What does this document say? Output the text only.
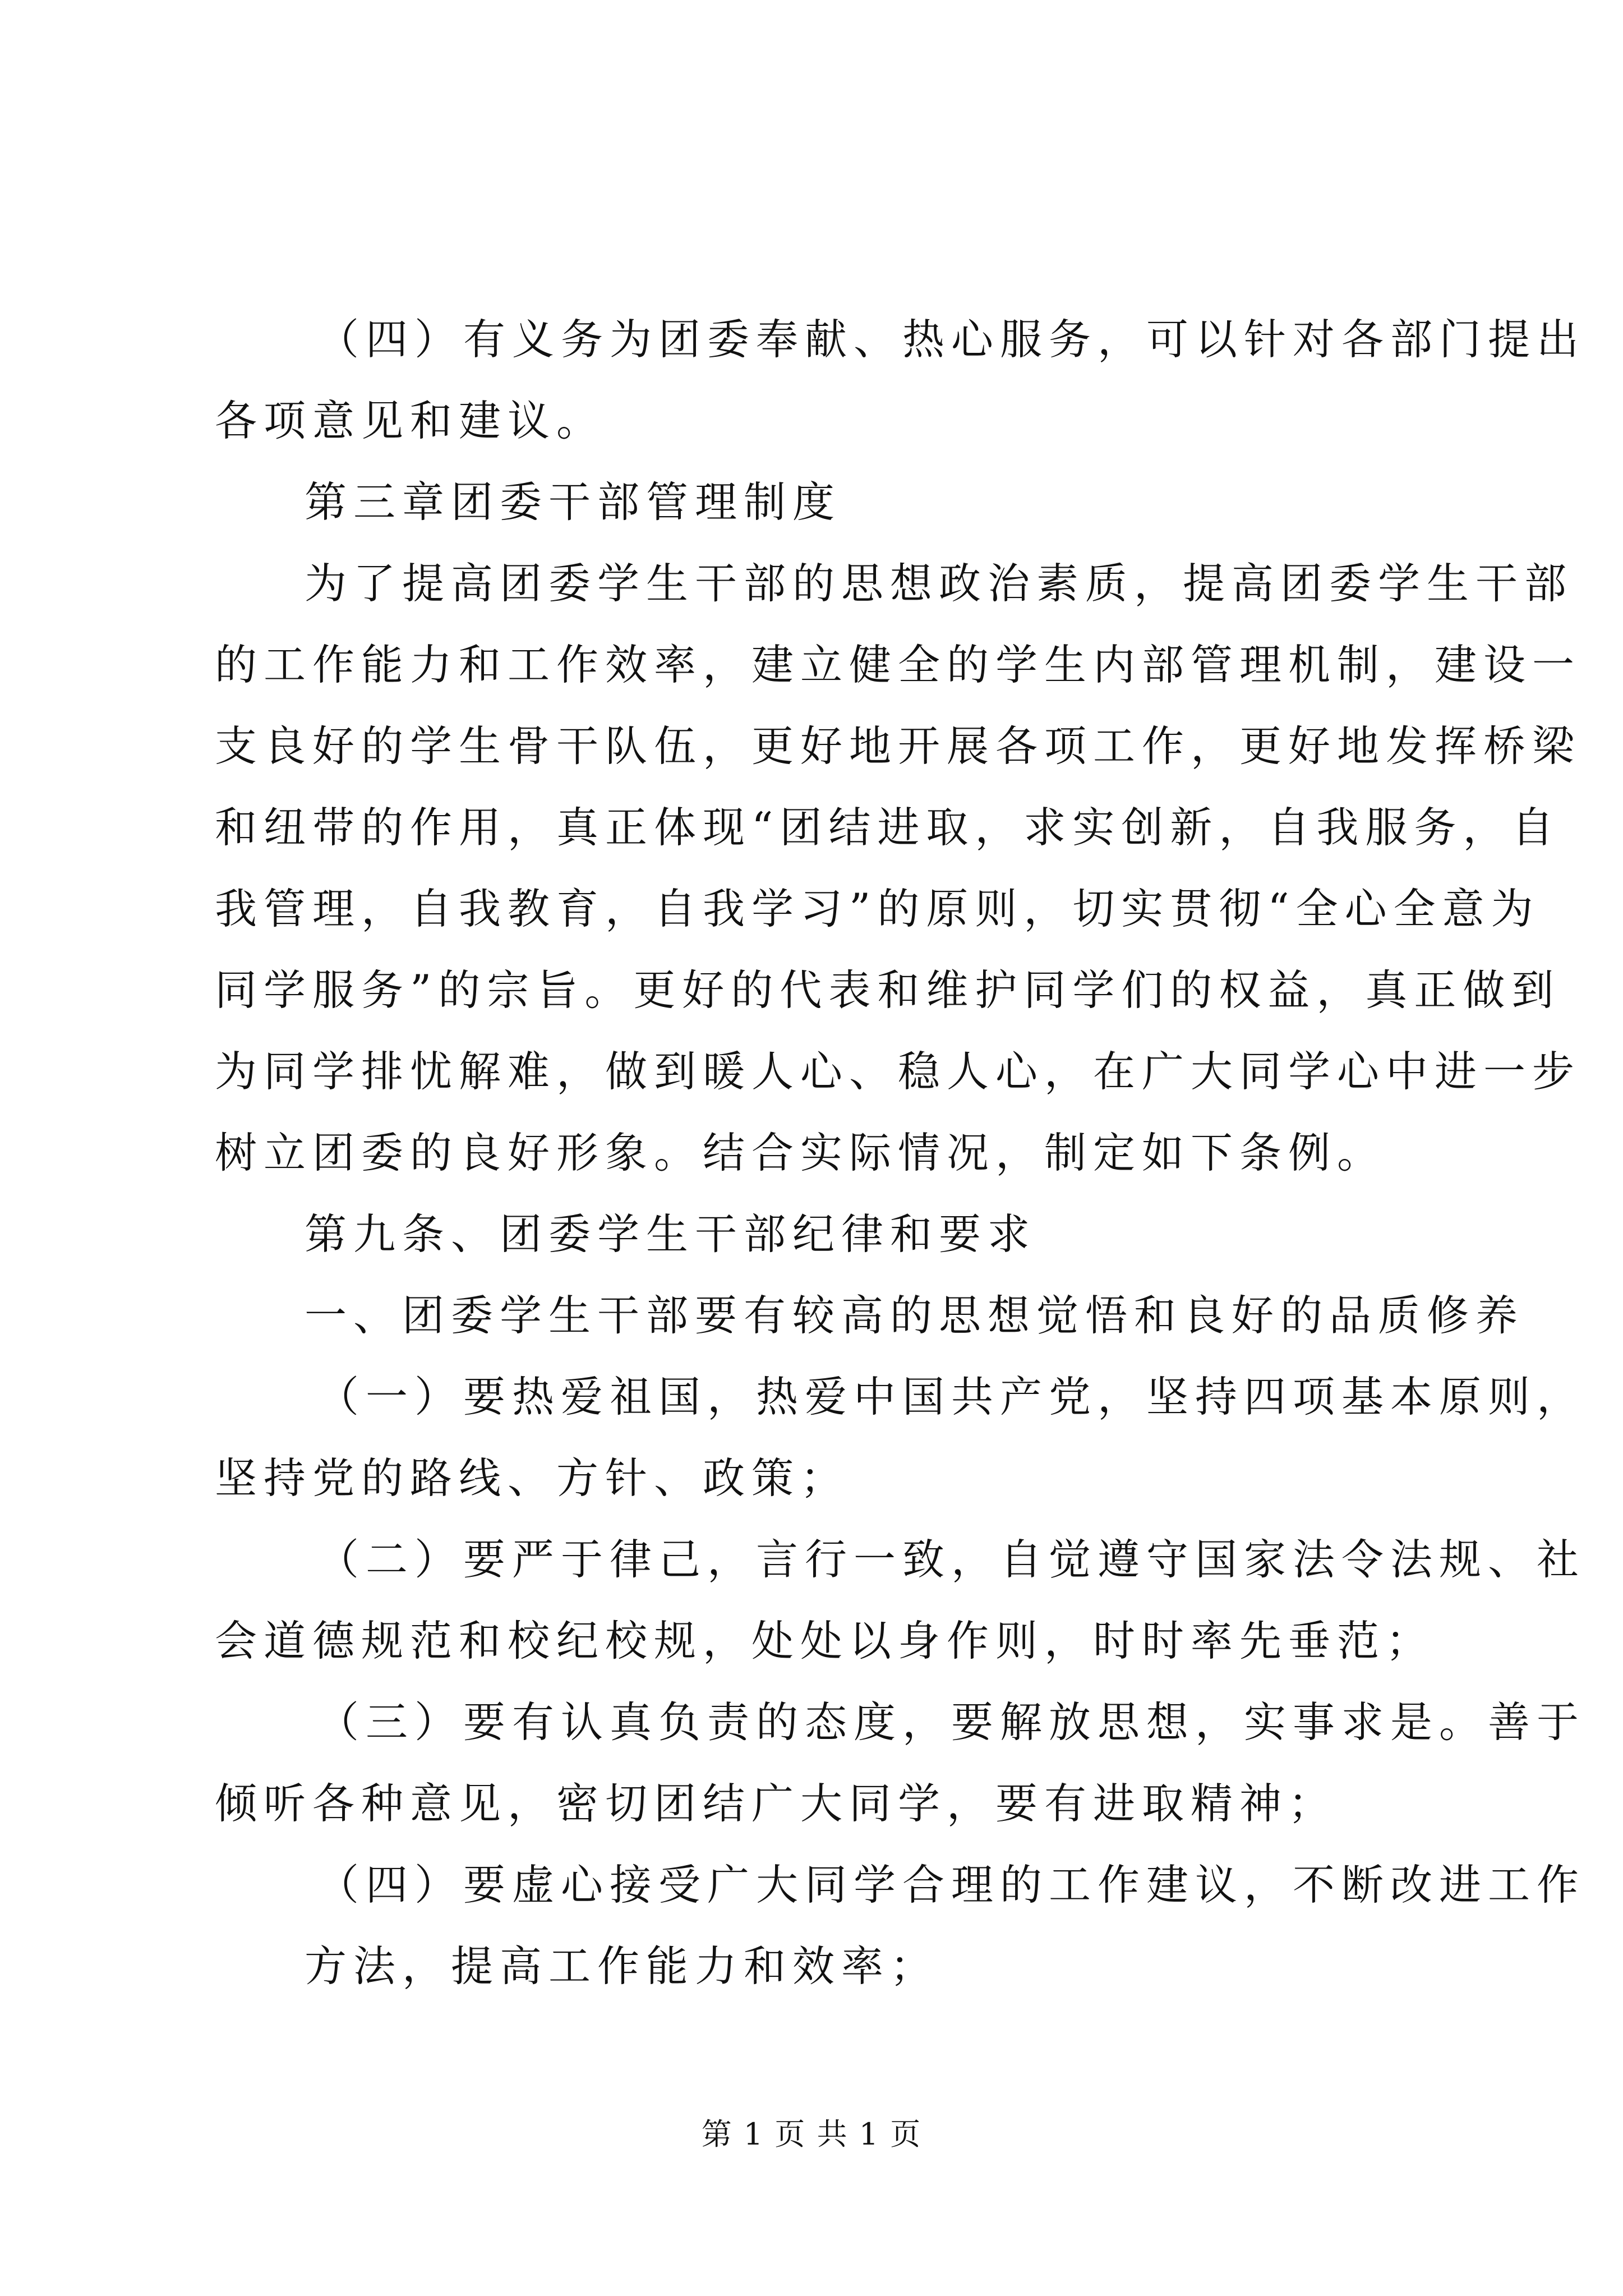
（四）有义务为团委奉献、热心服务，可以针对各部门提出
各项意见和建议。
第三章团委干部管理制度
为了提高团委学生干部的思想政治素质，提高团委学生干部
的工作能力和工作效率，建立健全的学生内部管理机制，建设一
支良好的学生骨干队伍，更好地开展各项工作，更好地发挥桥梁
和纽带的作用，真正体现“团结进取，求实创新，自我服务，自
我管理，自我教育，自我学习”的原则，切实贯彻“全心全意为
同学服务”的宗旨。更好的代表和维护同学们的权益，真正做到
为同学排忧解难，做到暖人心、稳人心，在广大同学心中进一步
树立团委的良好形象。结合实际情况，制定如下条例。
第九条、团委学生干部纪律和要求
一、团委学生干部要有较高的思想觉悟和良好的品质修养
（一）要热爱祖国，热爱中国共产党，坚持四项基本原则，
坚持党的路线、方针、政策；
（二）要严于律己，言行一致，自觉遵守国家法令法规、社
会道德规范和校纪校规，处处以身作则，时时率先垂范；
（三）要有认真负责的态度，要解放思想，实事求是。善于
倾听各种意见，密切团结广大同学，要有进取精神；
（四）要虚心接受广大同学合理的工作建议，不断改进工作
方法，提高工作能力和效率；
第 1 页 共 1 页
